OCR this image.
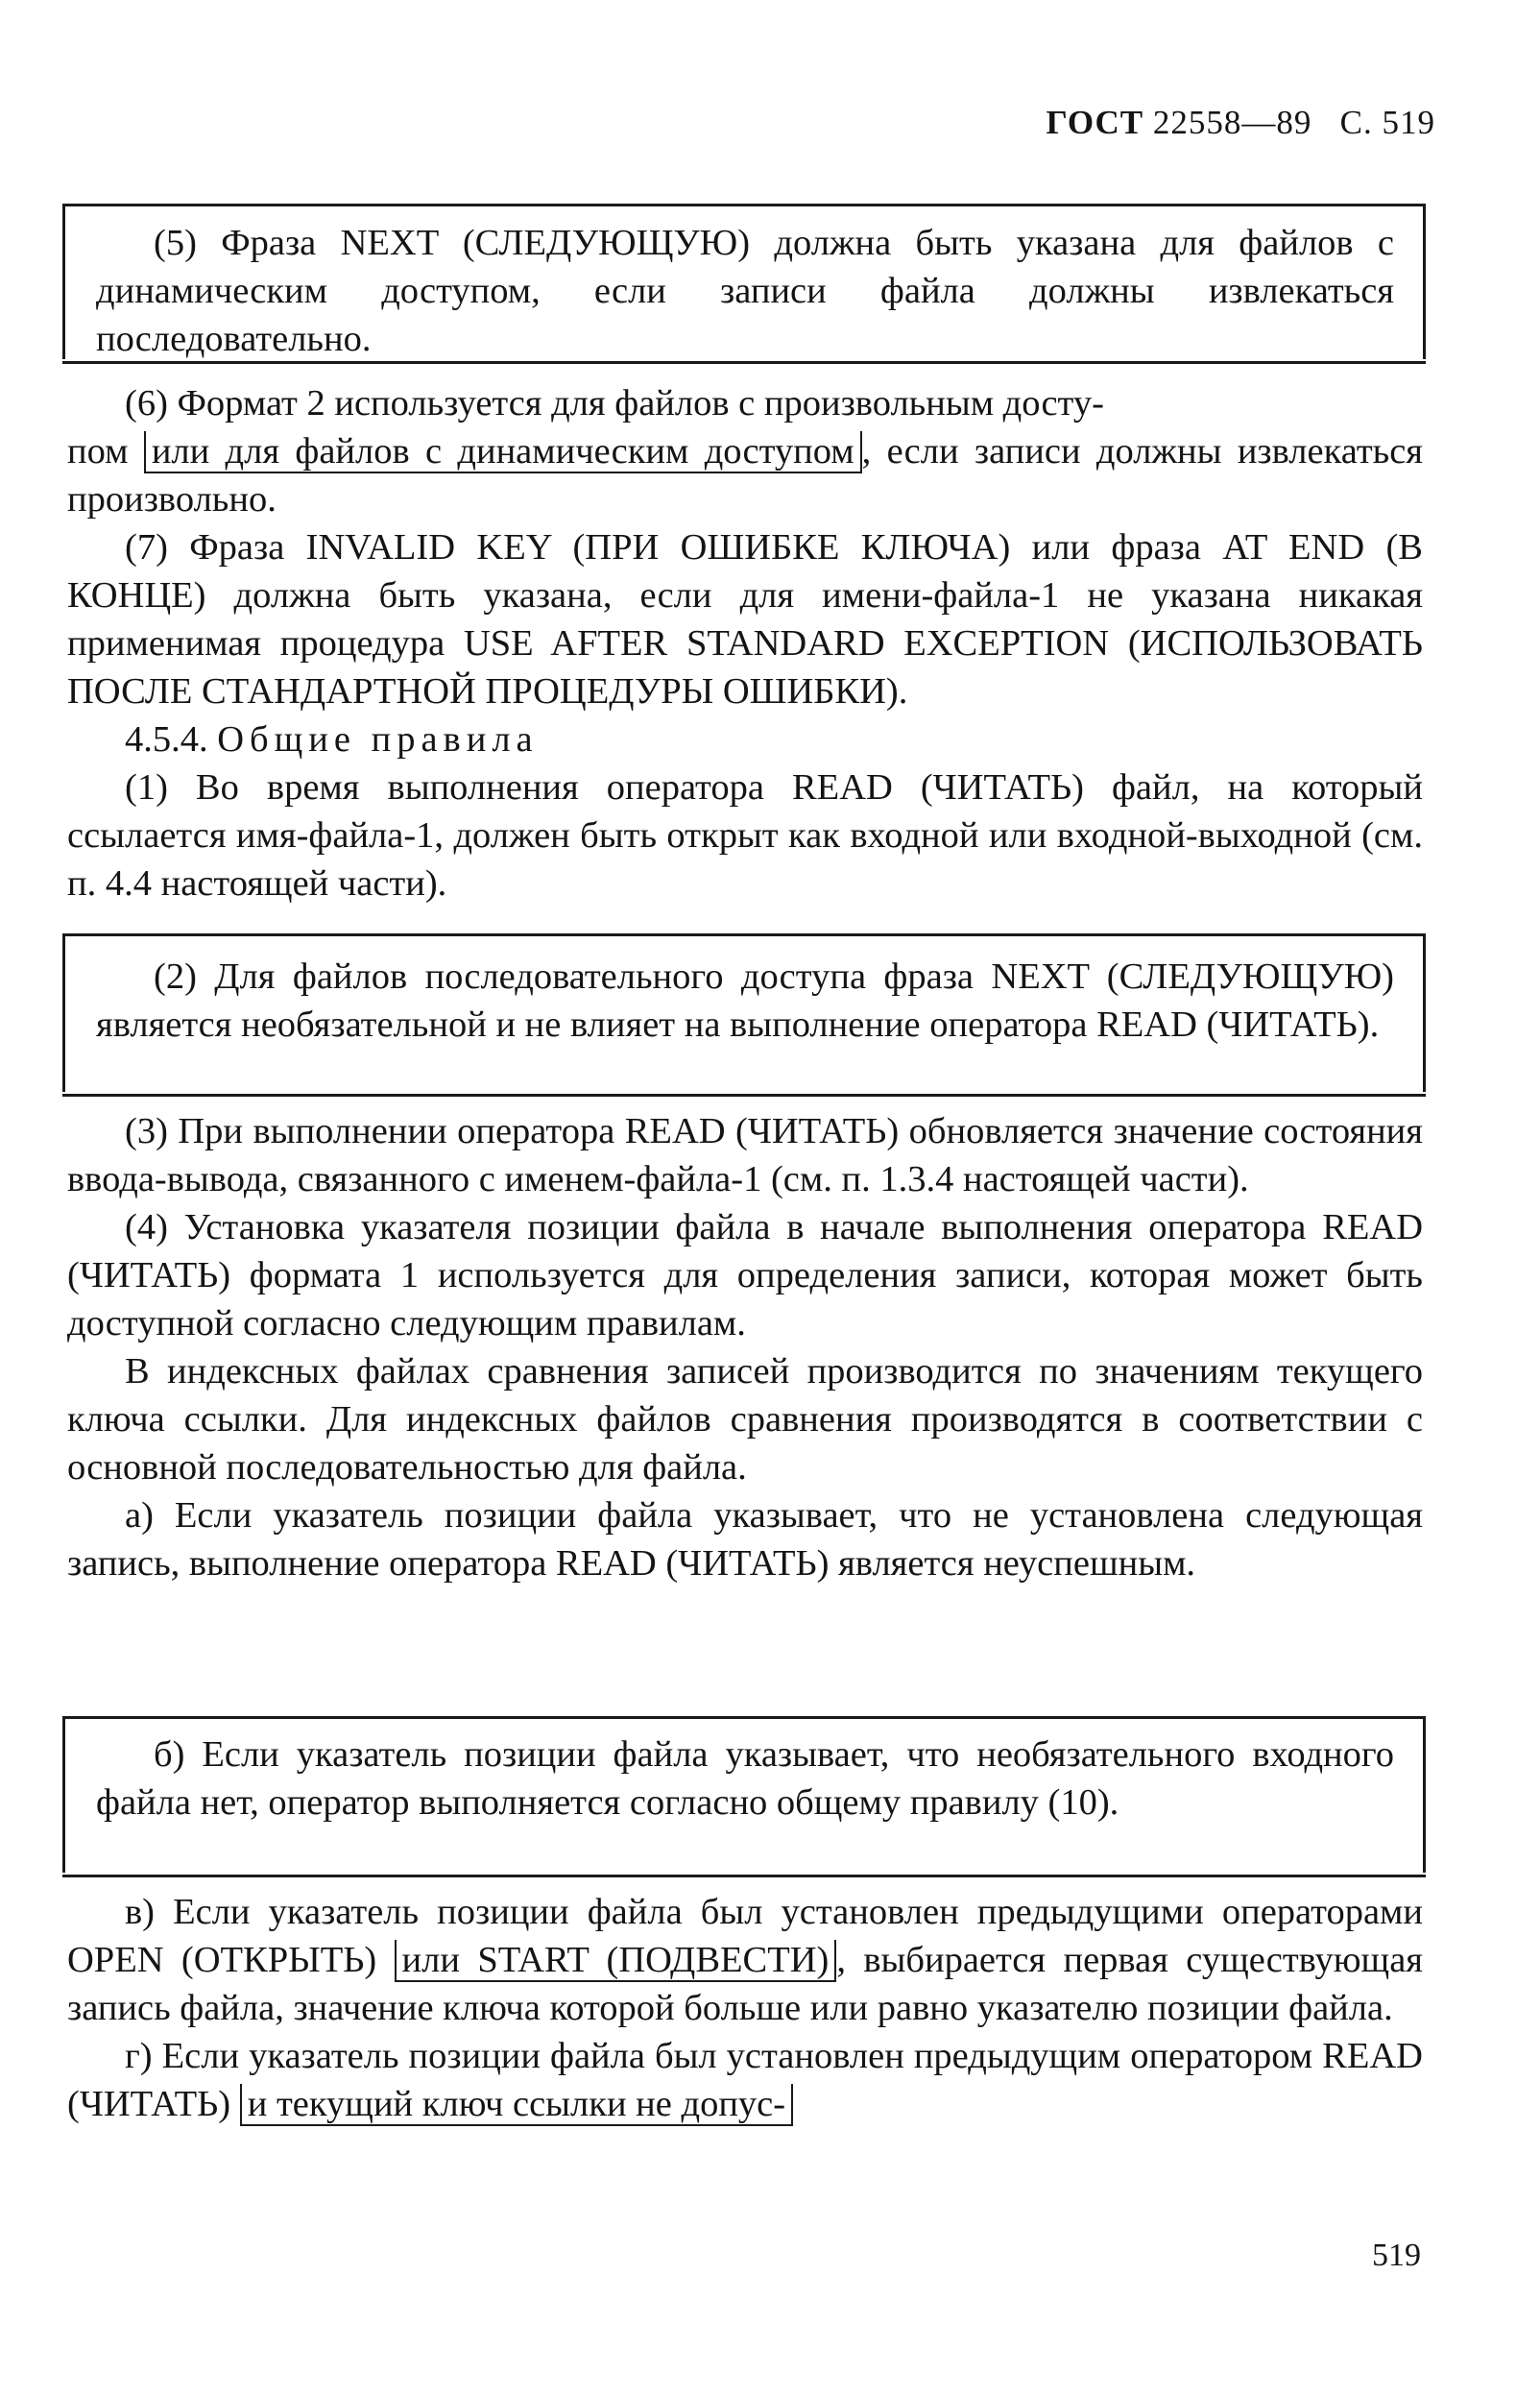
ГОСТ 22558—89 С. 519

(5) Фраза NEXT (СЛЕДУЮЩУЮ) должна быть указана для файлов с динамическим доступом, если записи файла должны извлекаться последовательно.

(6) Формат 2 используется для файлов с произвольным досту-

пом или для файлов с динамическим доступом , если записи должны извлекаться произвольно.

(7) Фраза INVALID KEY (ПРИ ОШИБКЕ КЛЮЧА) или фраза AT END (В КОНЦЕ) должна быть указана, если для имени-файла-1 не указана никакая применимая процедура USE AFTER STANDARD EXCEPTION (ИСПОЛЬЗОВАТЬ ПОСЛЕ СТАНДАРТНОЙ ПРОЦЕДУРЫ ОШИБКИ).

4.5.4. Общие правила

(1) Во время выполнения оператора READ (ЧИТАТЬ) файл, на который ссылается имя-файла-1, должен быть открыт как входной или входной-выходной (см. п. 4.4 настоящей части).

(2) Для файлов последовательного доступа фраза NEXT (СЛЕДУЮЩУЮ) является необязательной и не влияет на выполнение оператора READ (ЧИТАТЬ).

(3) При выполнении оператора READ (ЧИТАТЬ) обновляется значение состояния ввода-вывода, связанного с именем-файла-1 (см. п. 1.3.4 настоящей части).

(4) Установка указателя позиции файла в начале выполнения оператора READ (ЧИТАТЬ) формата 1 используется для определения записи, которая может быть доступной согласно следующим правилам.

В индексных файлах сравнения записей производится по значениям текущего ключа ссылки. Для индексных файлов сравнения производятся в соответствии с основной последовательностью для файла.

а) Если указатель позиции файла указывает, что не установлена следующая запись, выполнение оператора READ (ЧИТАТЬ) является неуспешным.

б) Если указатель позиции файла указывает, что необязательного входного файла нет, оператор выполняется согласно общему правилу (10).

в) Если указатель позиции файла был установлен предыдущими операторами OPEN (ОТКРЫТЬ) или START (ПОДВЕСТИ) , выбирается первая существующая запись файла, значение ключа которой больше или равно указателю позиции файла.

г) Если указатель позиции файла был установлен предыдущим оператором READ (ЧИТАТЬ) и текущий ключ ссылки не допус-

519
